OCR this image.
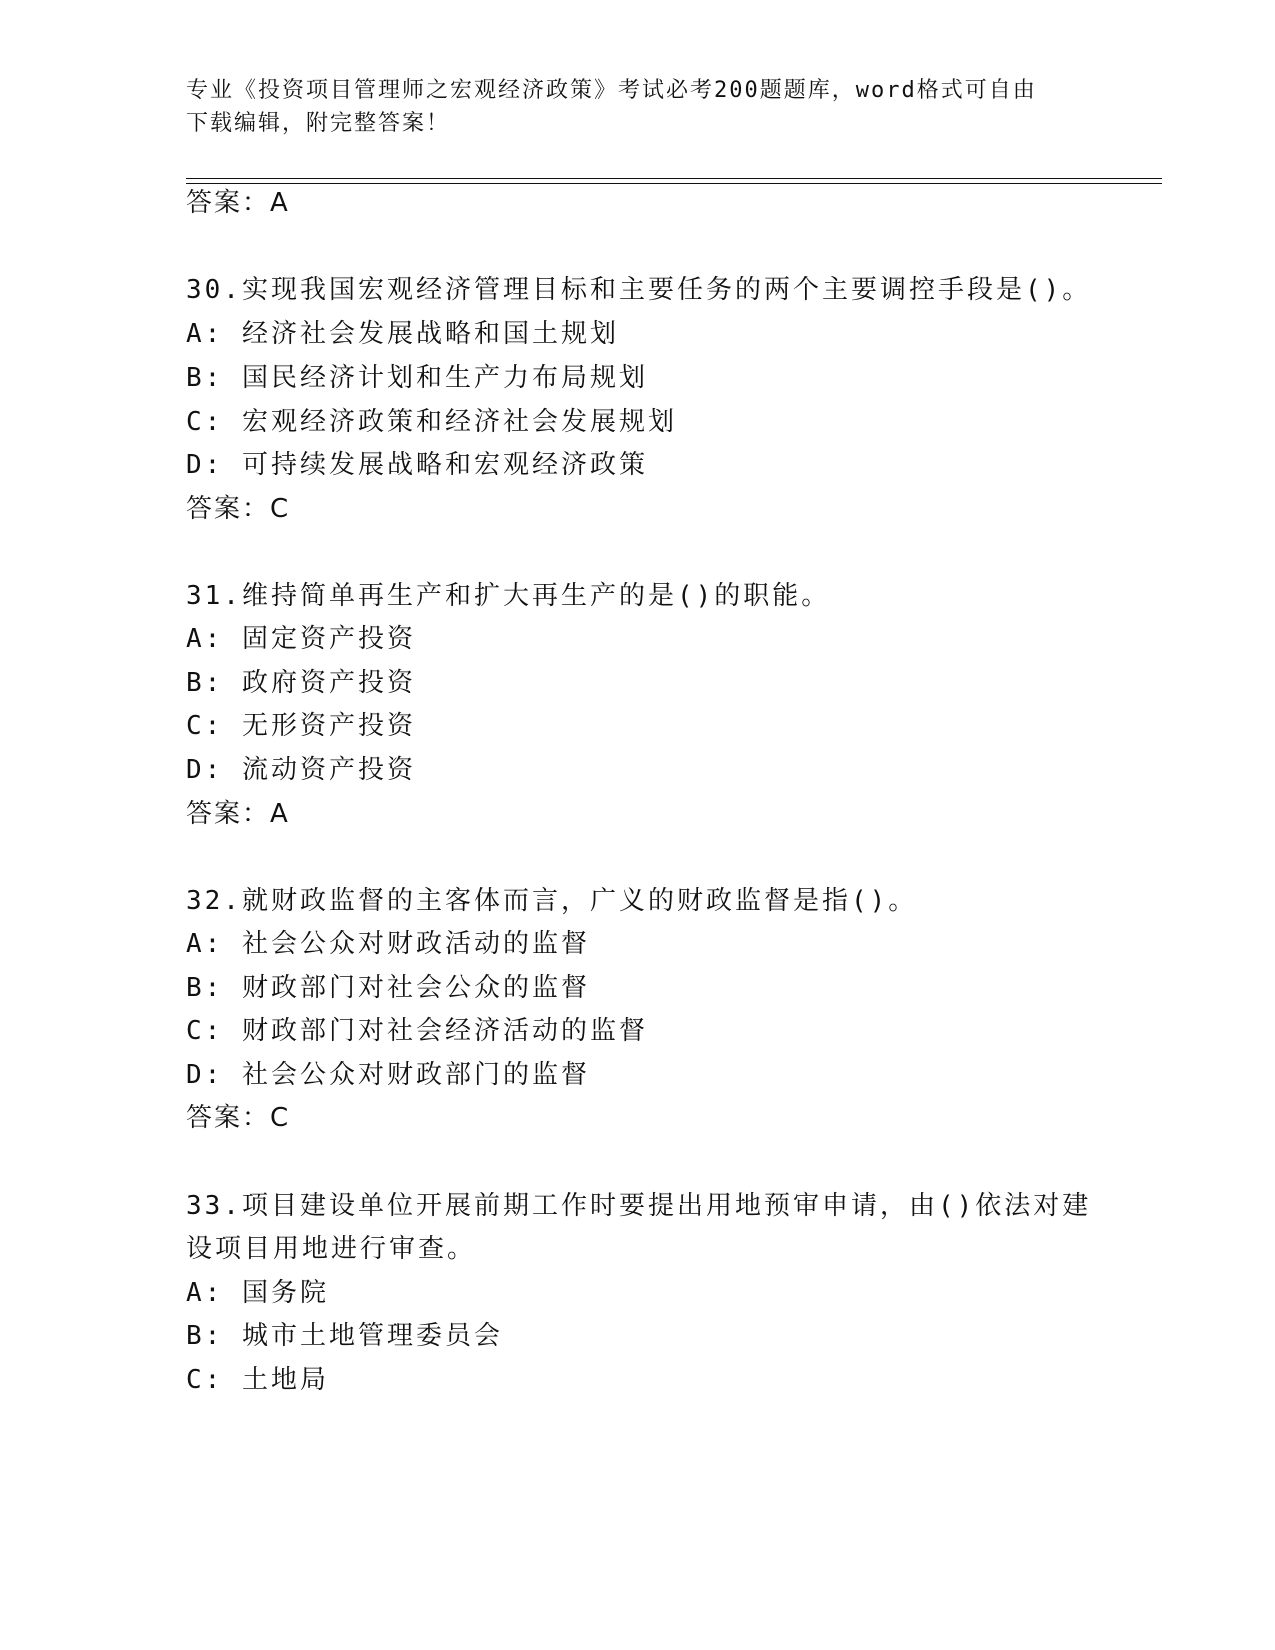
专业《投资项目管理师之宏观经济政策》考试必考200题题库，word格式可自由
下载编辑，附完整答案！
答案：A
30.实现我国宏观经济管理目标和主要任务的两个主要调控手段是()。
A: 经济社会发展战略和国土规划
B: 国民经济计划和生产力布局规划
C: 宏观经济政策和经济社会发展规划
D: 可持续发展战略和宏观经济政策
答案：C
31.维持简单再生产和扩大再生产的是()的职能。
A: 固定资产投资
B: 政府资产投资
C: 无形资产投资
D: 流动资产投资
答案：A
32.就财政监督的主客体而言，广义的财政监督是指()。
A: 社会公众对财政活动的监督
B: 财政部门对社会公众的监督
C: 财政部门对社会经济活动的监督
D: 社会公众对财政部门的监督
答案：C
33.项目建设单位开展前期工作时要提出用地预审申请，由()依法对建
设项目用地进行审查。
A: 国务院
B: 城市土地管理委员会
C: 土地局
